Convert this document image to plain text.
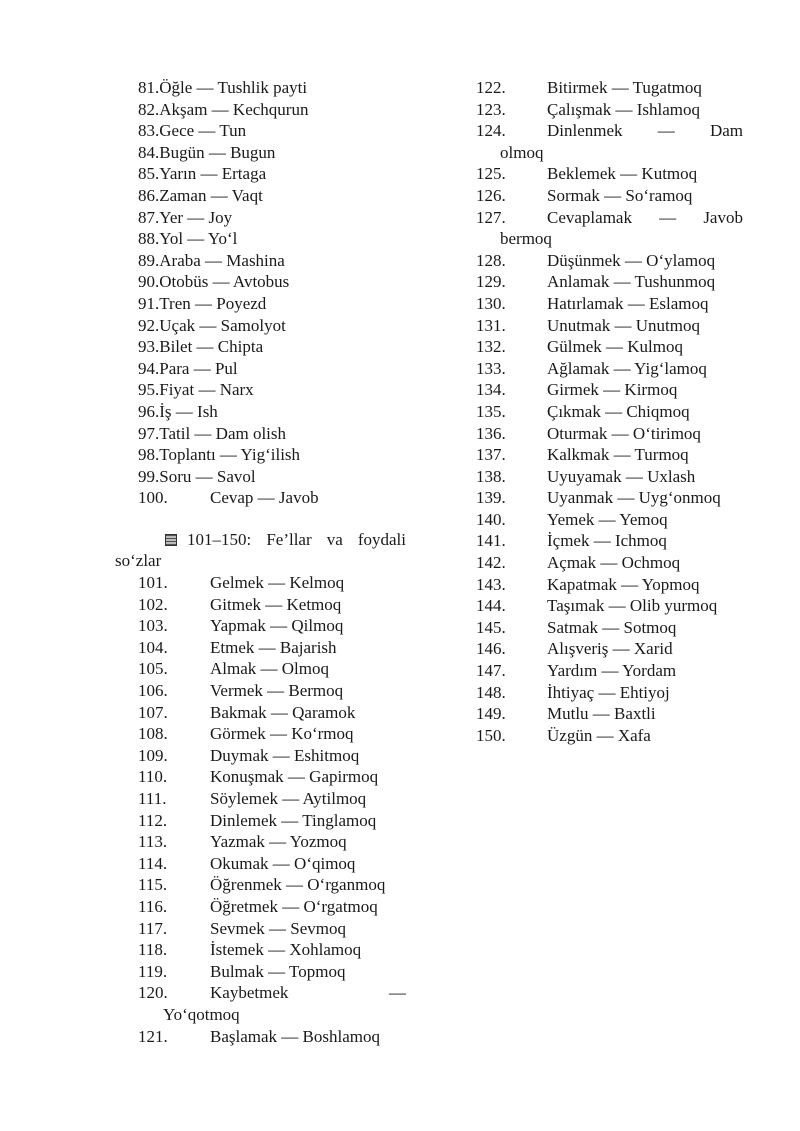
81.Öğle — Tushlik payti
82.Akşam — Kechqurun
83.Gece — Tun
84.Bugün — Bugun
85.Yarın — Ertaga
86.Zaman — Vaqt
87.Yer — Joy
88.Yol — Yo‘l
89.Araba — Mashina
90.Otobüs — Avtobus
91.Tren — Poyezd
92.Uçak — Samolyot
93.Bilet — Chipta
94.Para — Pul
95.Fiyat — Narx
96.İş — Ish
97.Tatil — Dam olish
98.Toplantı — Yig‘ilish
99.Soru — Savol
100. Cevap — Javob
101–150: Fe’llar va foydali
so‘zlar
101. Gelmek — Kelmoq
102. Gitmek — Ketmoq
103. Yapmak — Qilmoq
104. Etmek — Bajarish
105. Almak — Olmoq
106. Vermek — Bermoq
107. Bakmak — Qaramok
108. Görmek — Ko‘rmoq
109. Duymak — Eshitmoq
110.	Konuşmak — Gapirmoq
111.	Söylemek — Aytilmoq
112.	Dinlemek — Tinglamoq
113.	Yazmak — Yozmoq
114.	Okumak — O‘qimoq
115.	Öğrenmek — O‘rganmoq
116.	Öğretmek — O‘rgatmoq
117.	Sevmek — Sevmoq
118.	İstemek — Xohlamoq
119.	Bulmak — Topmoq
120. Kaybetmek	—
Yo‘qotmoq
121. Başlamak — Boshlamoq
122.	Bitirmek — Tugatmoq
123.	Çalışmak — Ishlamoq
124.	Dinlenmek — Dam
olmoq
125.	Beklemek — Kutmoq
126.	Sormak — So‘ramoq
127.	Cevaplamak — Javob
bermoq
128.	Düşünmek — O‘ylamoq
129.	Anlamak — Tushunmoq
130.	Hatırlamak — Eslamoq
131.	Unutmak — Unutmoq
132.	Gülmek — Kulmoq
133.	Ağlamak — Yig‘lamoq
134.	Girmek — Kirmoq
135.	Çıkmak — Chiqmoq
136.	Oturmak — O‘tirimoq
137.	Kalkmak — Turmoq
138.	Uyuyamak — Uxlash
139.	Uyanmak — Uyg‘onmoq
140.	Yemek — Yemoq
141.	İçmek — Ichmoq
142.	Açmak — Ochmoq
143.	Kapatmak — Yopmoq
144.	Taşımak — Olib yurmoq
145.	Satmak — Sotmoq
146.	Alışveriş — Xarid
147.	Yardım — Yordam
148.	İhtiyaç — Ehtiyoj
149.	Mutlu — Baxtli
150.	Üzgün — Xafa
